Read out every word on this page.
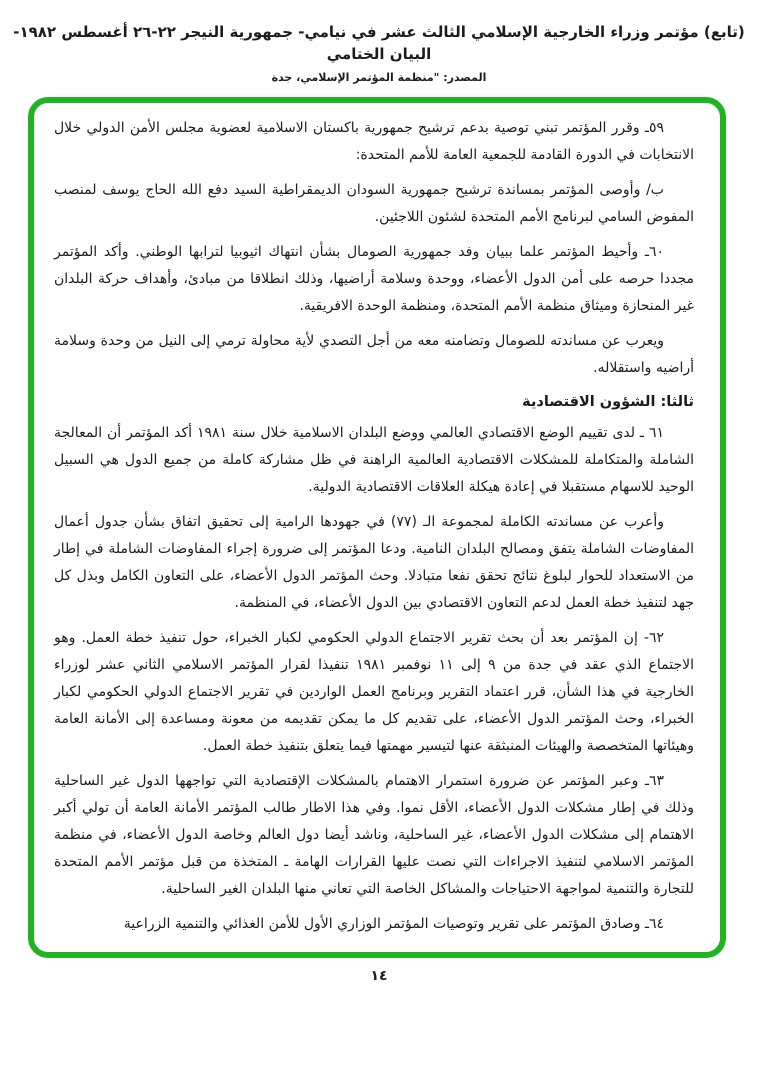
(تابع) مؤتمر وزراء الخارجية الإسلامي الثالث عشر في نيامي- جمهورية النيجر ٢٢-٢٦ أغسطس ١٩٨٢- البيان الختامي
المصدر: "منظمة المؤتمر الإسلامي، جدة

٥٩ـ وقرر المؤتمر تبني توصية بدعم ترشيح جمهورية باكستان الاسلامية لعضوية مجلس الأمن الدولي خلال الانتخابات في الدورة القادمة للجمعية العامة للأمم المتحدة:

ب/ وأوصى المؤتمر بمساندة ترشيح جمهورية السودان الديمقراطية السيد دفع الله الحاج يوسف لمنصب المفوض السامي لبرنامج الأمم المتحدة لشئون اللاجئين.

٦٠ـ وأحيط المؤتمر علما ببيان وفد جمهورية الصومال بشأن انتهاك اثيوبيا لترابها الوطني. وأكد المؤتمر مجددا حرصه على أمن الدول الأعضاء، ووحدة وسلامة أراضيها، وذلك انطلاقا من مبادئ، وأهداف حركة البلدان غير المنحازة وميثاق منظمة الأمم المتحدة، ومنظمة الوحدة الافريقية.

ويعرب عن مساندته للصومال وتضامنه معه من أجل التصدي لأية محاولة ترمي إلى النيل من وحدة وسلامة أراضيه واستقلاله.

ثالثا: الشؤون الاقتصادية

٦١ ـ لدى تقييم الوضع الاقتصادي العالمي ووضع البلدان الاسلامية خلال سنة ١٩٨١ أكد المؤتمر أن المعالجة الشاملة والمتكاملة للمشكلات الاقتصادية العالمية الراهنة في ظل مشاركة كاملة من جميع الدول هي السبيل الوحيد للاسهام مستقبلا في إعادة هيكلة العلاقات الاقتصادية الدولية.

وأعرب عن مساندته الكاملة لمجموعة الـ (٧٧) في جهودها الرامية إلى تحقيق اتفاق بشأن جدول أعمال المفاوضات الشاملة يتفق ومصالح البلدان النامية. ودعا المؤتمر إلى ضرورة إجراء المفاوضات الشاملة في إطار من الاستعداد للحوار لبلوغ نتائج تحقق نفعا متبادلا. وحث المؤتمر الدول الأعضاء، على التعاون الكامل وبذل كل جهد لتنفيذ خطة العمل لدعم التعاون الاقتصادي بين الدول الأعضاء، في المنظمة.

٦٢- إن المؤتمر بعد أن بحث تقرير الاجتماع الدولي الحكومي لكبار الخبراء، حول تنفيذ خطة العمل. وهو الاجتماع الذي عقد في جدة من ٩ إلى ١١ نوفمبر ١٩٨١ تنفيذا لقرار المؤتمر الاسلامي الثاني عشر لوزراء الخارجية في هذا الشأن، قرر اعتماد التقرير وبرنامج العمل الواردين في تقرير الاجتماع الدولي الحكومي لكبار الخبراء، وحث المؤتمر الدول الأعضاء، على تقديم كل ما يمكن تقديمه من معونة ومساعدة إلى الأمانة العامة وهيئاتها المتخصصة والهيئات المنبثقة عنها لتيسير مهمتها فيما يتعلق بتنفيذ خطة العمل.

٦٣ـ وعبر المؤتمر عن ضرورة استمرار الاهتمام بالمشكلات الإقتصادية التي تواجهها الدول غير الساحلية وذلك في إطار مشكلات الدول الأعضاء، الأقل نموا. وفي هذا الاطار طالب المؤتمر الأمانة العامة أن تولي أكبر الاهتمام إلى مشكلات الدول الأعضاء، غير الساحلية، وناشد أيضا دول العالم وخاصة الدول الأعضاء، في منظمة المؤتمر الاسلامي لتنفيذ الاجراءات التي نصت عليها القرارات الهامة ـ المتخذة من قبل مؤتمر الأمم المتحدة للتجارة والتنمية لمواجهة الاحتياجات والمشاكل الخاصة التي تعاني منها البلدان الغير الساحلية.

٦٤ـ وصادق المؤتمر على تقرير وتوصيات المؤتمر الوزاري الأول للأمن الغذائي والتنمية الزراعية

١٤
